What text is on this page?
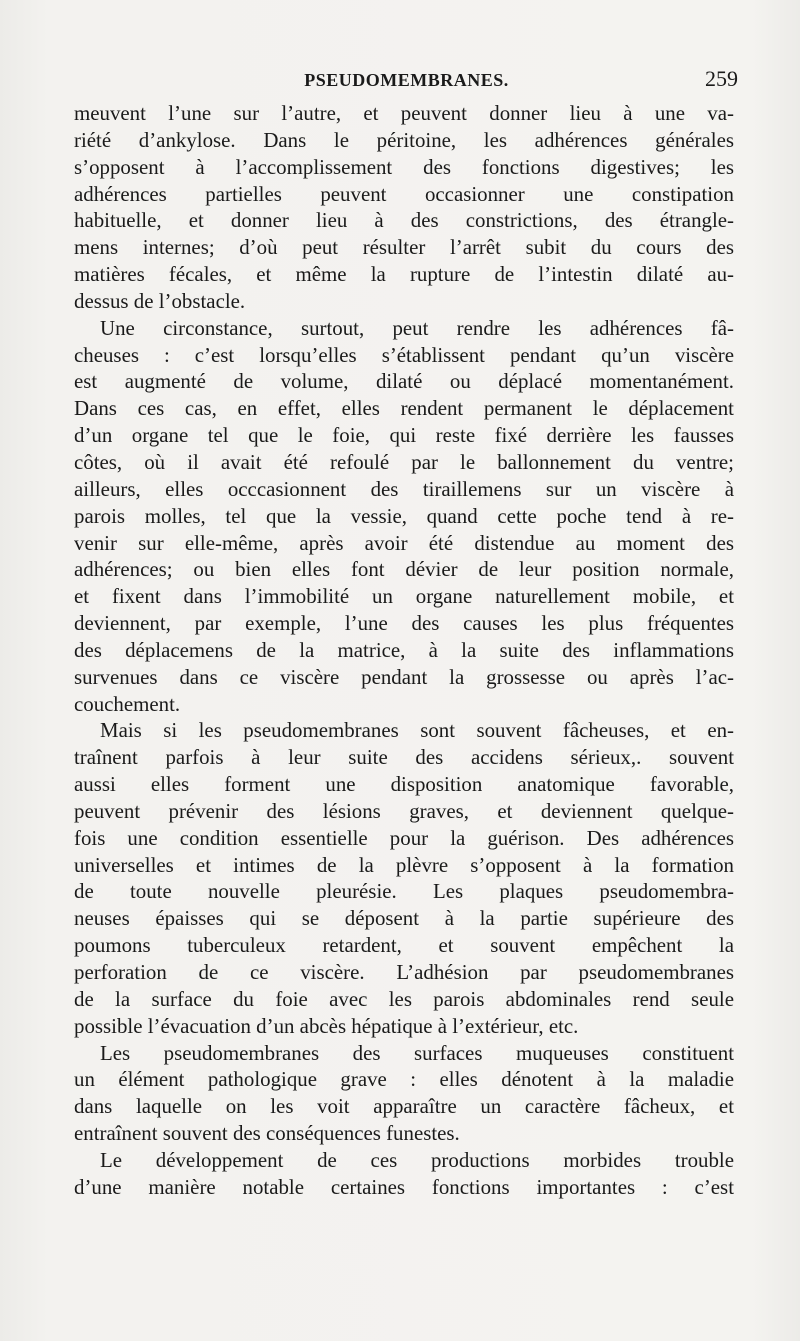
PSEUDOMEMBRANES.	259
meuvent l’une sur l’autre, et peuvent donner lieu à une va-
riété d’ankylose. Dans le péritoine, les adhérences générales
s’opposent à l’accomplissement des fonctions digestives; les
adhérences partielles peuvent occasionner une constipation
habituelle, et donner lieu à des constrictions, des étrangle-
mens internes; d’où peut résulter l’arrêt subit du cours des
matières fécales, et même la rupture de l’intestin dilaté au-
dessus de l’obstacle.
Une circonstance, surtout, peut rendre les adhérences fâ-
cheuses : c’est lorsqu’elles s’établissent pendant qu’un viscère
est augmenté de volume, dilaté ou déplacé momentanément.
Dans ces cas, en effet, elles rendent permanent le déplacement
d’un organe tel que le foie, qui reste fixé derrière les fausses
côtes, où il avait été refoulé par le ballonnement du ventre;
ailleurs, elles occcasionnent des tiraillemens sur un viscère à
parois molles, tel que la vessie, quand cette poche tend à re-
venir sur elle-même, après avoir été distendue au moment des
adhérences; ou bien elles font dévier de leur position normale,
et fixent dans l’immobilité un organe naturellement mobile, et
deviennent, par exemple, l’une des causes les plus fréquentes
des déplacemens de la matrice, à la suite des inflammations
survenues dans ce viscère pendant la grossesse ou après l’ac-
couchement.
Mais si les pseudomembranes sont souvent fâcheuses, et en-
traînent parfois à leur suite des accidens sérieux,. souvent
aussi elles forment une disposition anatomique favorable,
peuvent prévenir des lésions graves, et deviennent quelque-
fois une condition essentielle pour la guérison. Des adhérences
universelles et intimes de la plèvre s’opposent à la formation
de toute nouvelle pleurésie. Les plaques pseudomembra-
neuses épaisses qui se déposent à la partie supérieure des
poumons tuberculeux retardent, et souvent empêchent la
perforation de ce viscère. L’adhésion par pseudomembranes
de la surface du foie avec les parois abdominales rend seule
possible l’évacuation d’un abcès hépatique à l’extérieur, etc.
Les pseudomembranes des surfaces muqueuses constituent
un élément pathologique grave : elles dénotent à la maladie
dans laquelle on les voit apparaître un caractère fâcheux, et
entraînent souvent des conséquences funestes.
Le développement de ces productions morbides trouble
d’une manière notable certaines fonctions importantes : c’est
